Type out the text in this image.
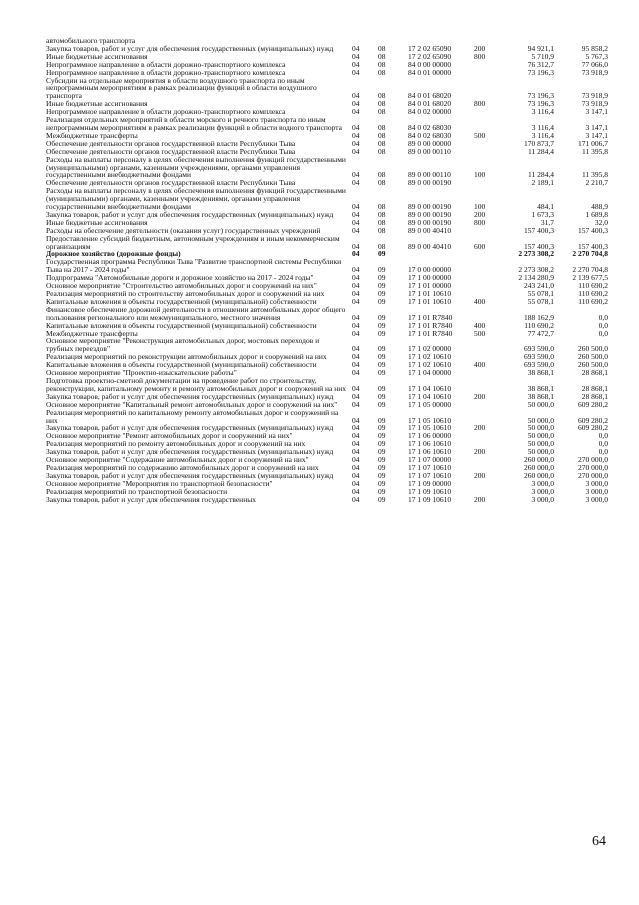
автомобильного транспорта						
Закупка товаров, работ и услуг для обеспечения государственных (муниципальных) нужд	04	08	17 2 02 65090	200	94 921,1	95 858,2
Иные бюджетные ассигнования	04	08	17 2 02 65090	800	5 710,9	5 767,3
Непрограммное направление в области дорожно-транспортного комплекса	04	08	84 0 00 00000		76 312,7	77 066,0
Непрограммное направление в области дорожно-транспортного комплекса	04	08	84 0 01 00000		73 196,3	73 918,9
Субсидии на отдельные мероприятия в области воздушного транспорта по иным непрограммным мероприятиям в рамках реализации функций в области воздушного транспорта	04	08	84 0 01 68020		73 196,3	73 918,9
Иные бюджетные ассигнования	04	08	84 0 01 68020	800	73 196,3	73 918,9
Непрограммное направление в области дорожно-транспортного комплекса	04	08	84 0 02 00000		3 116,4	3 147,1
Реализация отдельных мероприятий в области морского и речного транспорта по иным непрограммным мероприятиям в рамках реализации функций в области водного транспорта	04	08	84 0 02 68030		3 116,4	3 147,1
Межбюджетные трансферты	04	08	84 0 02 68030	500	3 116,4	3 147,1
Обеспечение деятельности органов государственной власти Республики Тыва	04	08	89 0 00 00000		170 873,7	171 006,7
Обеспечение деятельности органов государственной власти Республики Тыва	04	08	89 0 00 00110		11 284,4	11 395,8
Расходы на выплаты персоналу в целях обеспечения выполнения функций государственными (муниципальными) органами, казенными учреждениями, органами управления государственными внебюджетными фондами	04	08	89 0 00 00110	100	11 284,4	11 395,8
Обеспечение деятельности органов государственной власти Республики Тыва	04	08	89 0 00 00190		2 189,1	2 210,7
Расходы на выплаты персоналу в целях обеспечения выполнения функций государственными (муниципальными) органами, казенными учреждениями, органами управления государственными внебюджетными фондами	04	08	89 0 00 00190	100	484,1	488,9
Закупка товаров, работ и услуг для обеспечения государственных (муниципальных) нужд	04	08	89 0 00 00190	200	1 673,3	1 689,8
Иные бюджетные ассигнования	04	08	89 0 00 00190	800	31,7	32,0
Расходы на обеспечение деятельности (оказания услуг) государственных учреждений	04	08	89 0 00 40410		157 400,3	157 400,3
Предоставление субсидий бюджетным, автономным учреждениям и иным некоммерческим организациям	04	08	89 0 00 40410	600	157 400,3	157 400,3
Дорожное хозяйство (дорожные фонды)	04	09			2 273 308,2	2 270 704,8
Государственная программа Республики Тыва "Развитие транспортной системы Республики Тыва на 2017 - 2024 годы"	04	09	17 0 00 00000		2 273 308,2	2 270 704,8
Подпрограмма "Автомобильные дороги и дорожное хозяйство на 2017 - 2024 годы"	04	09	17 1 00 00000		2 134 280,9	2 139 677,5
Основное мероприятие "Строительство автомобильных дорог и сооружений на них"	04	09	17 1 01 00000		243 241,0	110 690,2
Реализация мероприятий по строительству автомобильных дорог и сооружений на них	04	09	17 1 01 10610		55 078,1	110 690,2
Капитальные вложения в объекты государственной (муниципальной) собственности	04	09	17 1 01 10610	400	55 078,1	110 690,2
Финансовое обеспечение дорожной деятельности в отношении автомобильных дорог общего пользования регионального или межмуниципального, местного значения	04	09	17 1 01 R7840		188 162,9	0,0
Капитальные вложения в объекты государственной (муниципальной) собственности	04	09	17 1 01 R7840	400	110 690,2	0,0
Межбюджетные трансферты	04	09	17 1 01 R7840	500	77 472,7	0,0
Основное мероприятие "Реконструкция автомобильных дорог, мостовых переходов и трубных переездов"	04	09	17 1 02 00000		693 590,0	260 500,0
Реализация мероприятий по реконструкции автомобильных дорог и сооружений на них	04	09	17 1 02 10610		693 590,0	260 500,0
Капитальные вложения в объекты государственной (муниципальной) собственности	04	09	17 1 02 10610	400	693 590,0	260 500,0
Основное мероприятие "Проектно-изыскательские работы"	04	09	17 1 04 00000		38 868,1	28 868,1
Подготовка проектно-сметной документации на проведение работ по строительству, реконструкции, капитальному ремонту и ремонту автомобильных дорог и сооружений на них	04	09	17 1 04 10610		38 868,1	28 868,1
Закупка товаров, работ и услуг для обеспечения государственных (муниципальных) нужд	04	09	17 1 04 10610	200	38 868,1	28 868,1
Основное мероприятие "Капитальный ремонт автомобильных дорог и сооружений на них"	04	09	17 1 05 00000		50 000,0	609 280,2
Реализация мероприятий по капитальному ремонту автомобильных дорог и сооружений на них	04	09	17 1 05 10610		50 000,0	609 280,2
Закупка товаров, работ и услуг для обеспечения государственных (муниципальных) нужд	04	09	17 1 05 10610	200	50 000,0	609 280,2
Основное мероприятие "Ремонт автомобильных дорог и сооружений на них"	04	09	17 1 06 00000		50 000,0	0,0
Реализация мероприятий по ремонту автомобильных дорог и сооружений на них	04	09	17 1 06 10610		50 000,0	0,0
Закупка товаров, работ и услуг для обеспечения государственных (муниципальных) нужд	04	09	17 1 06 10610	200	50 000,0	0,0
Основное мероприятие "Содержание автомобильных дорог и сооружений на них"	04	09	17 1 07 00000		260 000,0	270 000,0
Реализация мероприятий по содержанию автомобильных дорог и сооружений на них	04	09	17 1 07 10610		260 000,0	270 000,0
Закупка товаров, работ и услуг для обеспечения государственных (муниципальных) нужд	04	09	17 1 07 10610	200	260 000,0	270 000,0
Основное мероприятие "Мероприятия по транспортной безопасности"	04	09	17 1 09 00000		3 000,0	3 000,0
Реализация мероприятий по транспортной безопасности	04	09	17 1 09 10610		3 000,0	3 000,0
Закупка товаров, работ и услуг для обеспечения государственных	04	09	17 1 09 10610	200	3 000,0	3 000,0
64
